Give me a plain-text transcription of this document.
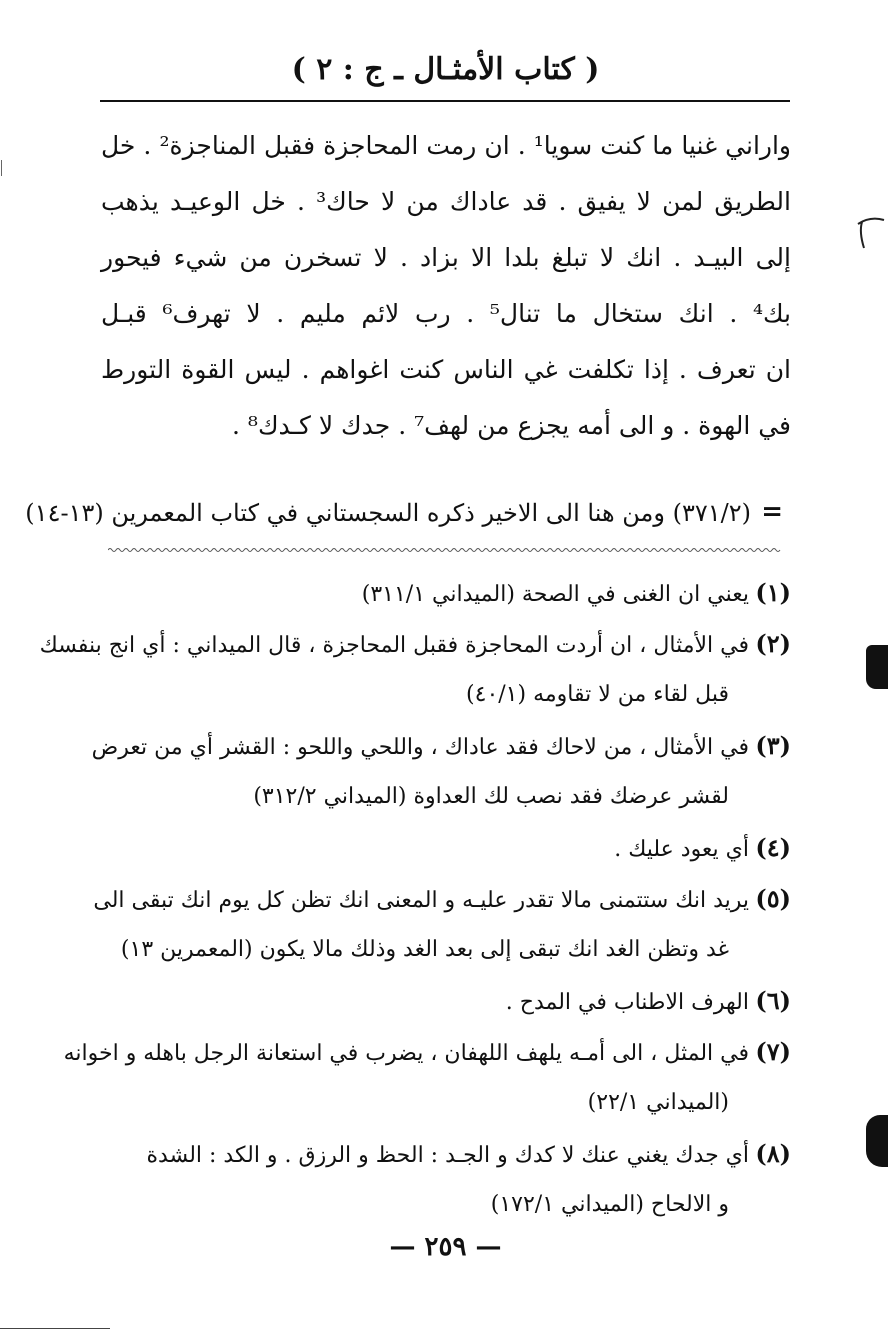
( كتاب الأمثـال ـ ج : ٢ )
واراني غنيا ما كنت سويا¹ . ان رمت المحاجزة فقبل المناجزة² . خل
الطريق لمن لا يفيق . قد عاداك من لا حاك³ . خل الوعيـد يذهب
إلى البيـد . انك لا تبلغ بلدا الا بزاد . لا تسخرن من شيء فيحور
بك⁴ . انك ستخال ما تنال⁵ . رب لائم مليم . لا تهرف⁶ قبـل
ان تعرف . إذا تكلفت غي الناس كنت اغواهم . ليس القوة التورط
في الهوة . و الى أمه يجزع من لهف⁷ . جدك لا كـدك⁸ .
=
(٣٧١/٢) ومن هنا الى الاخير ذكره السجستاني في كتاب المعمرين (١٣-١٤)
(١)يعني ان الغنى في الصحة (الميداني ٣١١/١)
(٢)في الأمثال ، ان أردت المحاجزة فقبل المحاجزة ، قال الميداني : أي انج بنفسك
قبل لقاء من لا تقاومه (٤٠/١)
(٣)في الأمثال ، من لاحاك فقد عاداك ، واللحي واللحو : القشر أي من تعرض
لقشر عرضك فقد نصب لك العداوة (الميداني ٣١٢/٢)
(٤)أي يعود عليك .
(٥)يريد انك ستتمنى مالا تقدر عليـه و المعنى انك تظن كل يوم انك تبقى الى
غد وتظن الغد انك تبقى إلى بعد الغد وذلك مالا يكون (المعمرين ١٣)
(٦)الهرف الاطناب في المدح .
(٧)في المثل ، الى أمـه يلهف اللهفان ، يضرب في استعانة الرجل باهله و اخوانه
(الميداني ٢٢/١)
(٨)أي جدك يغني عنك لا كدك و الجـد : الحظ و الرزق . و الكد : الشدة
و الالحاح (الميداني ١٧٢/١)
— ٢٥٩ —
